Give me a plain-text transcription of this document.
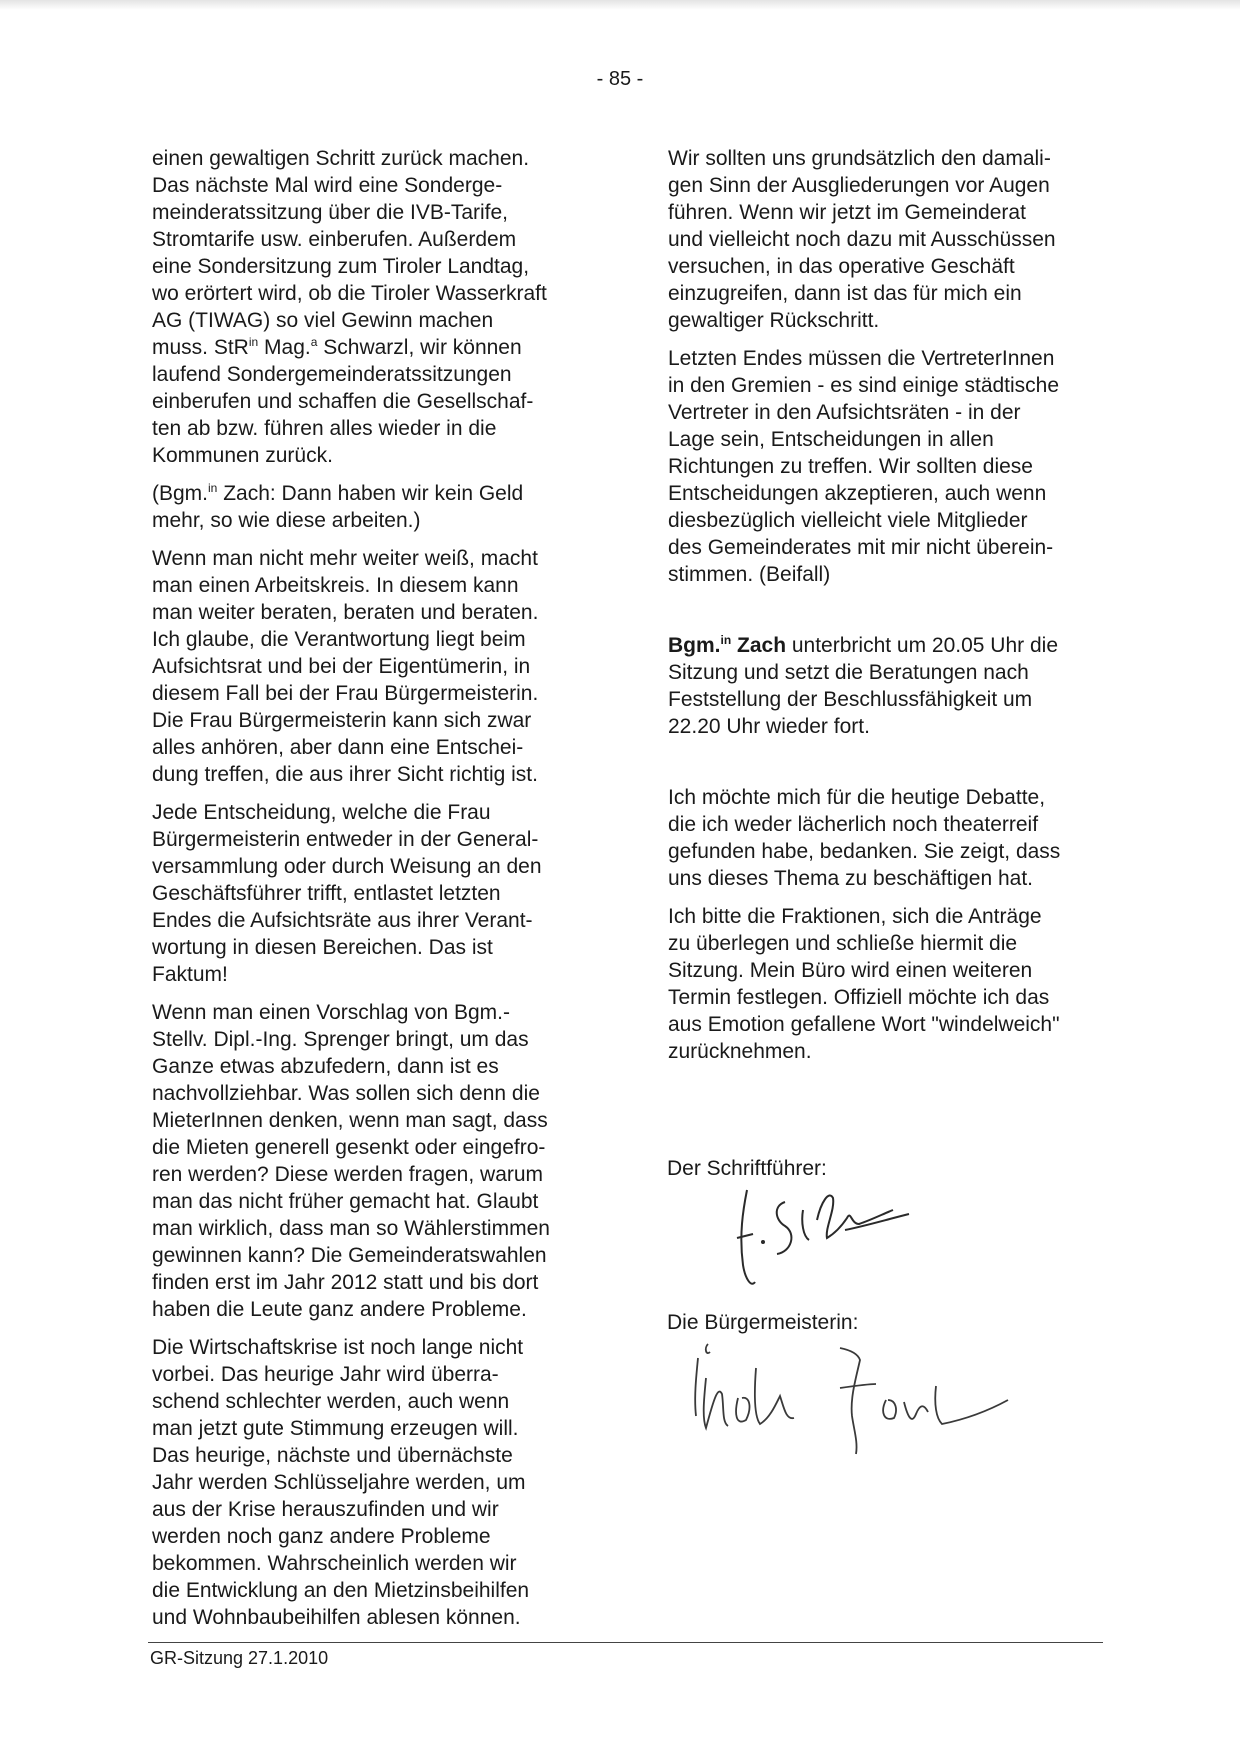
- 85 -

einen gewaltigen Schritt zurück machen.
Das nächste Mal wird eine Sonderge-
meinderatssitzung über die IVB-Tarife,
Stromtarife usw. einberufen. Außerdem
eine Sondersitzung zum Tiroler Landtag,
wo erörtert wird, ob die Tiroler Wasserkraft
AG (TIWAG) so viel Gewinn machen
muss. StR$^{in}$ Mag.$^a$ Schwarzl, wir können
laufend Sondergemeinderatssitzungen
einberufen und schaffen die Gesellschaf-
ten ab bzw. führen alles wieder in die
Kommunen zurück.

(Bgm.$^{in}$ Zach: Dann haben wir kein Geld
mehr, so wie diese arbeiten.)

Wenn man nicht mehr weiter weiß, macht
man einen Arbeitskreis. In diesem kann
man weiter beraten, beraten und beraten.
Ich glaube, die Verantwortung liegt beim
Aufsichtsrat und bei der Eigentümerin, in
diesem Fall bei der Frau Bürgermeisterin.
Die Frau Bürgermeisterin kann sich zwar
alles anhören, aber dann eine Entschei-
dung treffen, die aus ihrer Sicht richtig ist.

Jede Entscheidung, welche die Frau
Bürgermeisterin entweder in der General-
versammlung oder durch Weisung an den
Geschäftsführer trifft, entlastet letzten
Endes die Aufsichtsräte aus ihrer Verant-
wortung in diesen Bereichen. Das ist
Faktum!

Wenn man einen Vorschlag von Bgm.-
Stellv. Dipl.-Ing. Sprenger bringt, um das
Ganze etwas abzufedern, dann ist es
nachvollziehbar. Was sollen sich denn die
MieterInnen denken, wenn man sagt, dass
die Mieten generell gesenkt oder eingefro-
ren werden? Diese werden fragen, warum
man das nicht früher gemacht hat. Glaubt
man wirklich, dass man so Wählerstimmen
gewinnen kann? Die Gemeinderatswahlen
finden erst im Jahr 2012 statt und bis dort
haben die Leute ganz andere Probleme.

Die Wirtschaftskrise ist noch lange nicht
vorbei. Das heurige Jahr wird überra-
schend schlechter werden, auch wenn
man jetzt gute Stimmung erzeugen will.
Das heurige, nächste und übernächste
Jahr werden Schlüsseljahre werden, um
aus der Krise herauszufinden und wir
werden noch ganz andere Probleme
bekommen. Wahrscheinlich werden wir
die Entwicklung an den Mietzinsbeihilfen
und Wohnbaubeihilfen ablesen können.

Wir sollten uns grundsätzlich den damali-
gen Sinn der Ausgliederungen vor Augen
führen. Wenn wir jetzt im Gemeinderat
und vielleicht noch dazu mit Ausschüssen
versuchen, in das operative Geschäft
einzugreifen, dann ist das für mich ein
gewaltiger Rückschritt.

Letzten Endes müssen die VertreterInnen
in den Gremien - es sind einige städtische
Vertreter in den Aufsichtsräten - in der
Lage sein, Entscheidungen in allen
Richtungen zu treffen. Wir sollten diese
Entscheidungen akzeptieren, auch wenn
diesbezüglich vielleicht viele Mitglieder
des Gemeinderates mit mir nicht überein-
stimmen. (Beifall)

Bgm.$^{in}$ Zach unterbricht um 20.05 Uhr die
Sitzung und setzt die Beratungen nach
Feststellung der Beschlussfähigkeit um
22.20 Uhr wieder fort.

Ich möchte mich für die heutige Debatte,
die ich weder lächerlich noch theaterreif
gefunden habe, bedanken. Sie zeigt, dass
uns dieses Thema zu beschäftigen hat.

Ich bitte die Fraktionen, sich die Anträge
zu überlegen und schließe hiermit die
Sitzung. Mein Büro wird einen weiteren
Termin festlegen. Offiziell möchte ich das
aus Emotion gefallene Wort "windelweich"
zurücknehmen.

Der Schriftführer:
Die Bürgermeisterin:
GR-Sitzung 27.1.2010
